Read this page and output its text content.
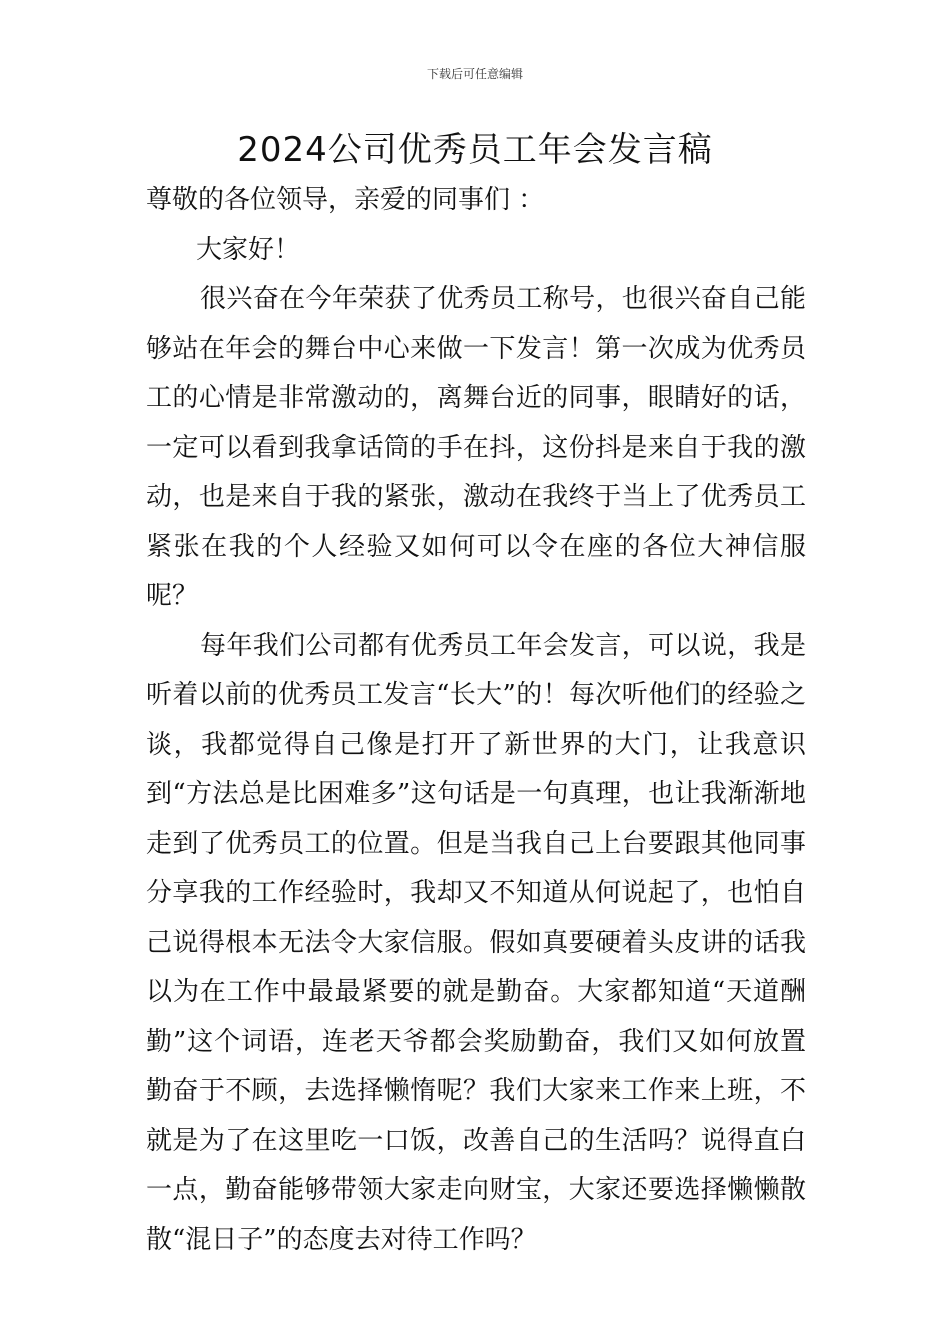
下载后可任意编辑
2024公司优秀员工年会发言稿

尊敬的各位领导，亲爱的同事们 ：

大家好！

很兴奋在今年荣获了优秀员工称号，也很兴奋自己能够站在年会的舞台中心来做一下发言！第一次成为优秀员工的心情是非常激动的，离舞台近的同事，眼睛好的话，一定可以看到我拿话筒的手在抖，这份抖是来自于我的激动，也是来自于我的紧张，激动在我终于当上了优秀员工紧张在我的个人经验又如何可以令在座的各位大神信服呢？

每年我们公司都有优秀员工年会发言，可以说，我是听着以前的优秀员工发言“长大”的！每次听他们的经验之谈，我都觉得自己像是打开了新世界的大门，让我意识到“方法总是比困难多”这句话是一句真理，也让我渐渐地走到了优秀员工的位置。但是当我自己上台要跟其他同事分享我的工作经验时，我却又不知道从何说起了，也怕自己说得根本无法令大家信服。假如真要硬着头皮讲的话我以为在工作中最最紧要的就是勤奋。大家都知道“天道酬勤”这个词语，连老天爷都会奖励勤奋，我们又如何放置勤奋于不顾，去选择懒惰呢？我们大家来工作来上班，不就是为了在这里吃一口饭，改善自己的生活吗？说得直白一点，勤奋能够带领大家走向财宝，大家还要选择懒懒散散“混日子”的态度去对待工作吗？
